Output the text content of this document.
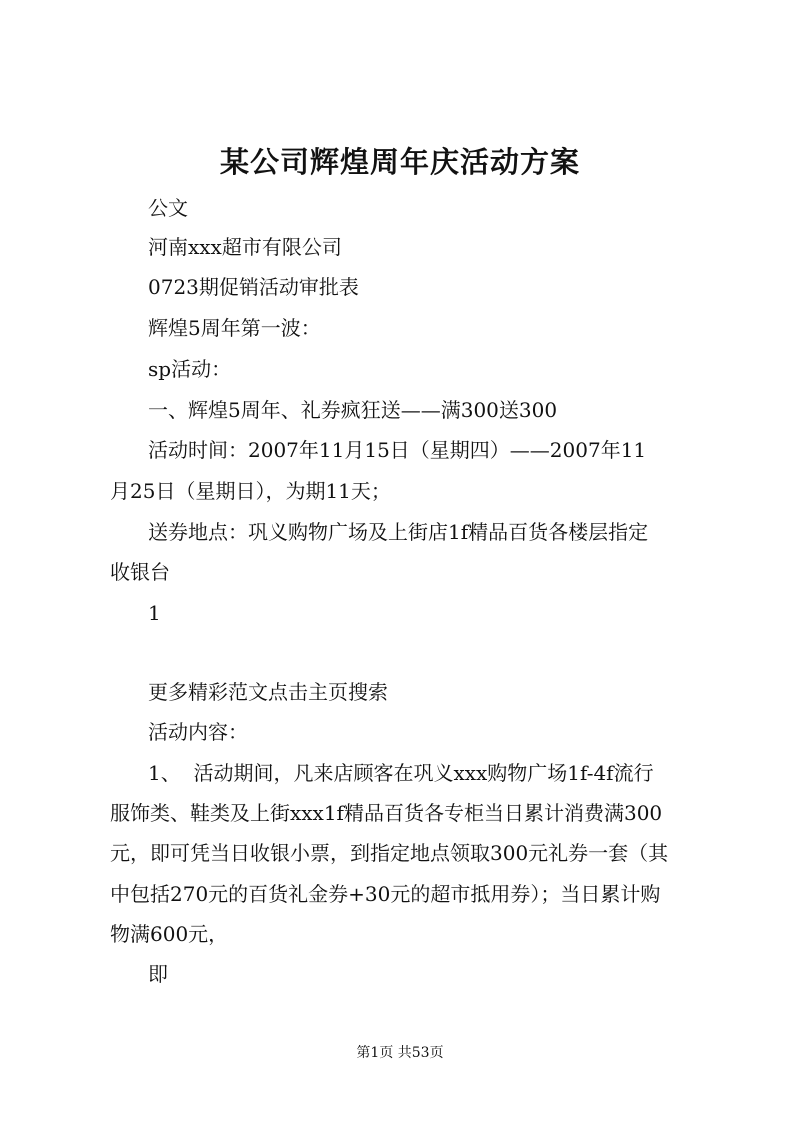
某公司辉煌周年庆活动方案
公文
河南xxx超市有限公司
0723期促销活动审批表
辉煌5周年第一波：
sp活动：
一、辉煌5周年、礼券疯狂送——满300送300
活动时间：2007年11月15日（星期四）——2007年11
月25日（星期日），为期11天；
送券地点：巩义购物广场及上街店1f精品百货各楼层指定
收银台
1
更多精彩范文点击主页搜索
活动内容：
1、  活动期间，凡来店顾客在巩义xxx购物广场1f-4f流行
服饰类、鞋类及上街xxx1f精品百货各专柜当日累计消费满300
元，即可凭当日收银小票，到指定地点领取300元礼券一套（其
中包括270元的百货礼金券+30元的超市抵用券）；当日累计购
物满600元，
即
第1页 共53页
